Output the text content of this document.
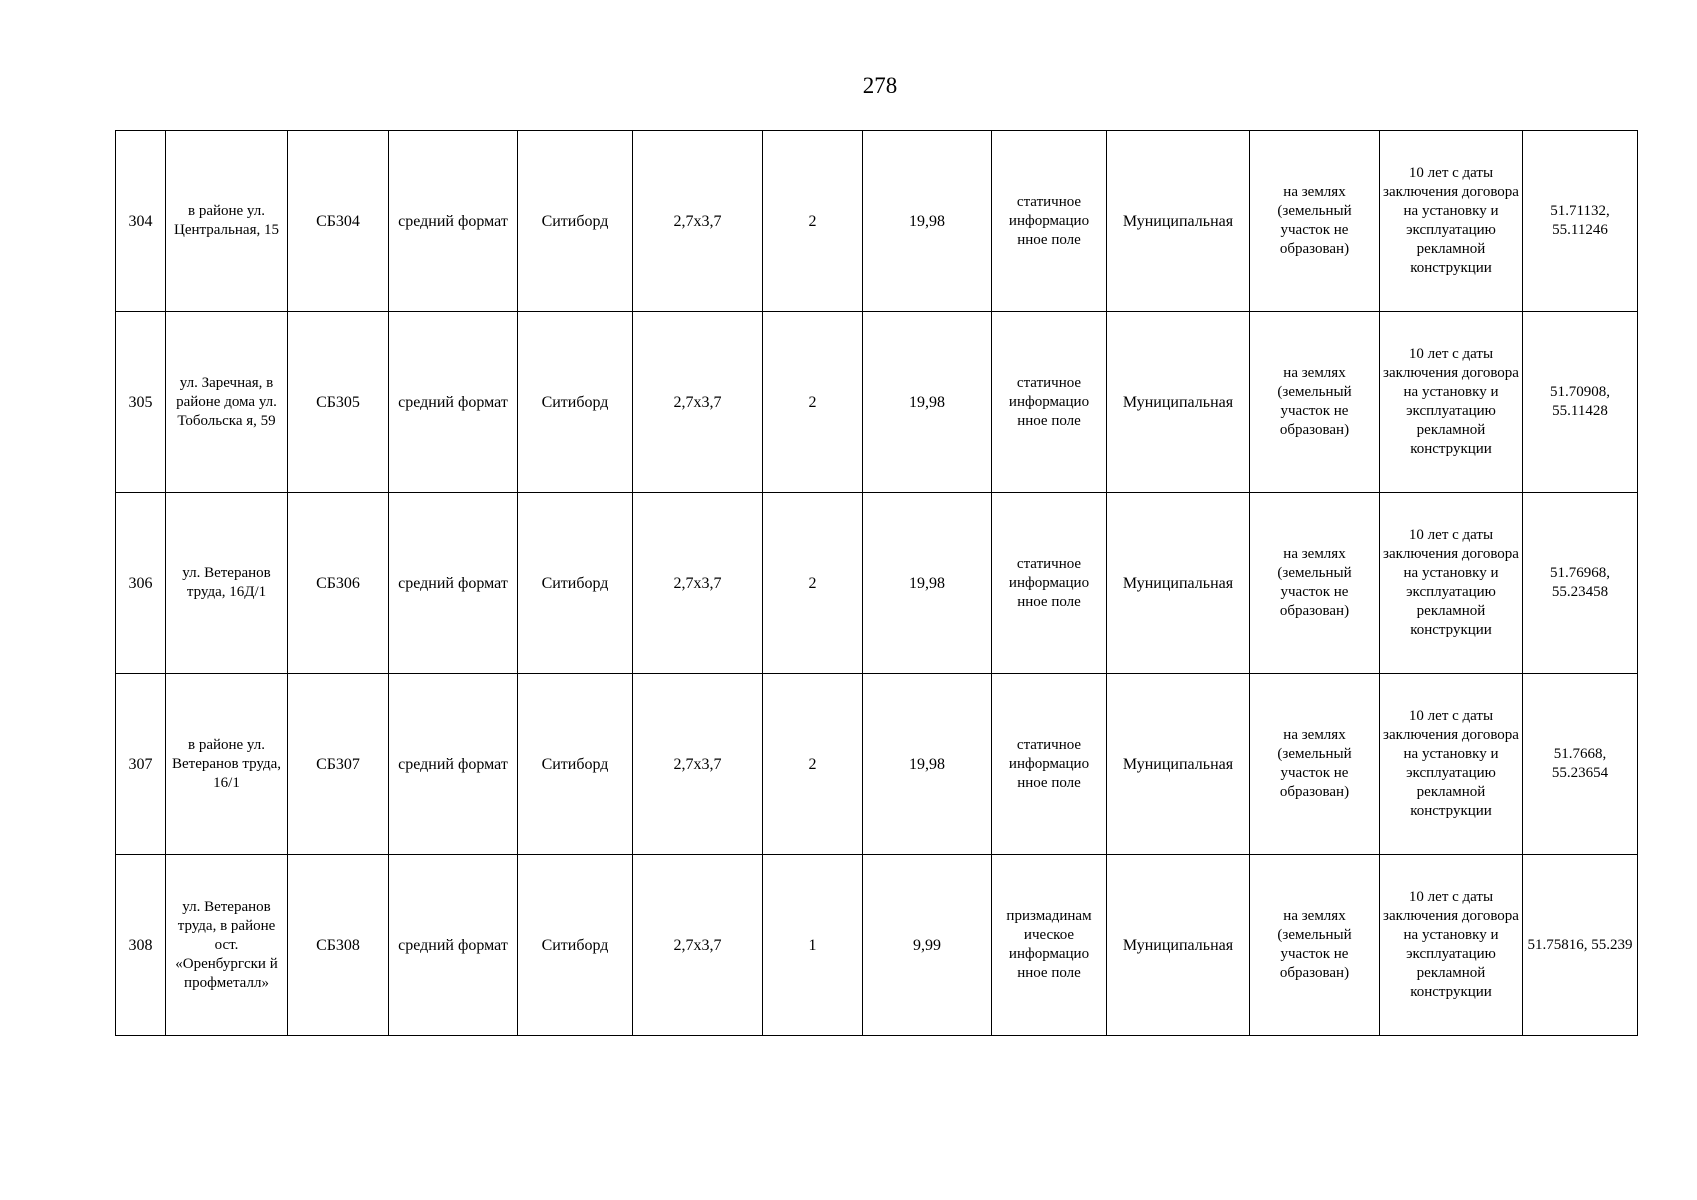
278
304	в районе ул. Центральная, 15	СБ304	средний формат	Ситиборд	2,7х3,7	2	19,98	статичное информацио нное поле	Муниципальная	на землях (земельный участок не образован)	10 лет с даты заключения договора на установку и эксплуатацию рекламной конструкции	51.71132, 55.11246
305	ул. Заречная, в районе дома ул. Тобольска я, 59	СБ305	средний формат	Ситиборд	2,7х3,7	2	19,98	статичное информацио нное поле	Муниципальная	на землях (земельный участок не образован)	10 лет с даты заключения договора на установку и эксплуатацию рекламной конструкции	51.70908, 55.11428
306	ул. Ветеранов труда, 16Д/1	СБ306	средний формат	Ситиборд	2,7х3,7	2	19,98	статичное информацио нное поле	Муниципальная	на землях (земельный участок не образован)	10 лет с даты заключения договора на установку и эксплуатацию рекламной конструкции	51.76968, 55.23458
307	в районе ул. Ветеранов труда, 16/1	СБ307	средний формат	Ситиборд	2,7х3,7	2	19,98	статичное информацио нное поле	Муниципальная	на землях (земельный участок не образован)	10 лет с даты заключения договора на установку и эксплуатацию рекламной конструкции	51.7668, 55.23654
308	ул. Ветеранов труда, в районе ост. «Оренбургски й профметалл»	СБ308	средний формат	Ситиборд	2,7х3,7	1	9,99	призмадинам ическое информацио нное поле	Муниципальная	на землях (земельный участок не образован)	10 лет с даты заключения договора на установку и эксплуатацию рекламной конструкции	51.75816, 55.239
